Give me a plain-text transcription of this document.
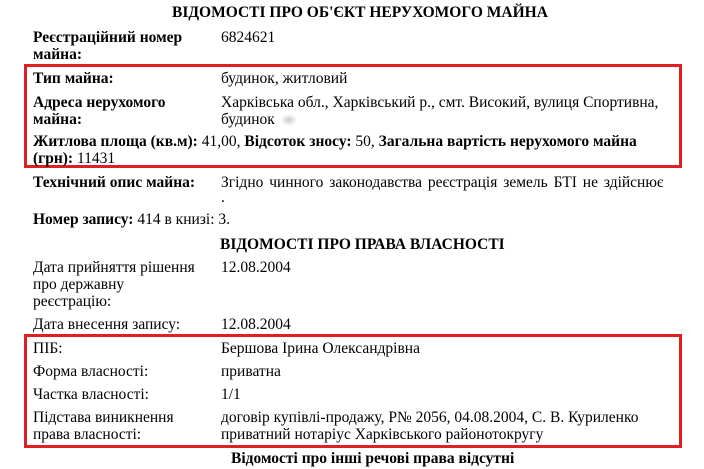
ВІДОМОСТІ ПРО ОБ'ЄКТ НЕРУХОМОГО МАЙНА
Реєстраційний номер
майна:
6824621
Тип майна:	будинок, житловий
Адреса нерухомого
майна:
Харківська обл., Харківський р., смт. Високий, вулиця Спортивна,
будинок
Житлова площа (кв.м): 41,00, Відсоток зносу: 50, Загальна вартість нерухомого майна
(грн): 11431
Технічний опис майна: Згідно чинного законодавства реєстрація земель БТІ не здійснює
.
Номер запису: 414 в книзі: 3.
ВІДОМОСТІ ПРО ПРАВА ВЛАСНОСТІ
Дата прийняття рішення
про державну
реєстрацію:
12.08.2004
Дата внесення запису:	12.08.2004
ПІБ:	Бершова Ірина Олександрівна
Форма власності:	приватна
Частка власності:	1/1
Підстава виникнення
права власності:
договір купівлі-продажу, Р№ 2056, 04.08.2004, С. В. Куриленко
приватний нотаріус Харківського районотокругу
Відомості про інші речові права відсутні
